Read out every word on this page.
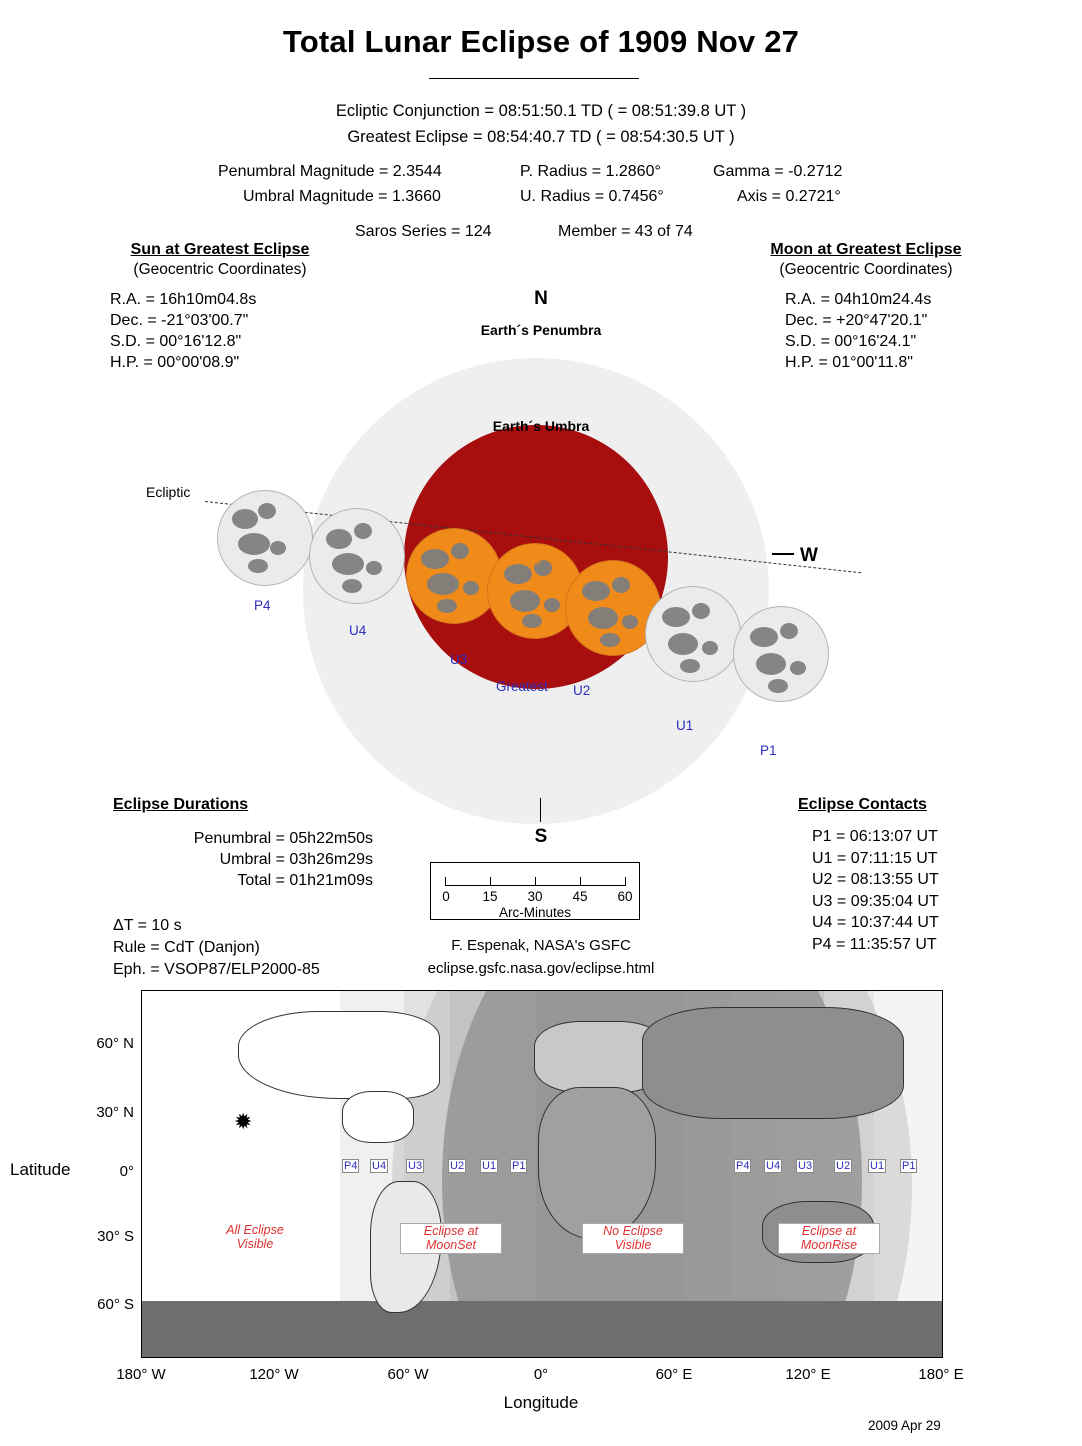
Total Lunar Eclipse of 1909 Nov 27
Ecliptic Conjunction = 08:51:50.1 TD ( = 08:51:39.8 UT )
Greatest Eclipse = 08:54:40.7 TD ( = 08:54:30.5 UT )
Penumbral Magnitude = 2.3544	P. Radius = 1.2860°	Gamma = -0.2712
Umbral Magnitude = 1.3660	U. Radius = 0.7456°	Axis = 0.2721°
Saros Series = 124	Member = 43 of 74
Sun at Greatest Eclipse
(Geocentric Coordinates)
R.A. = 16h10m04.8s
Dec. = -21°03'00.7"
S.D. = 00°16'12.8"
H.P. = 00°00'08.9"
Moon at Greatest Eclipse
(Geocentric Coordinates)
R.A. = 04h10m24.4s
Dec. = +20°47'20.1"
S.D. = 00°16'24.1"
H.P. = 01°00'11.8"
N
Earth´s Penumbra
Earth´s Umbra
Ecliptic
W
P4
U4
U3
Greatest
+
U2
U1
P1
S
Eclipse Durations
Penumbral = 05h22m50s
Umbral = 03h26m29s
Total = 01h21m09s
ΔT = 10 s
Rule = CdT (Danjon)
Eph. = VSOP87/ELP2000-85
Eclipse Contacts
P1 = 06:13:07 UT
U1 = 07:11:15 UT
U2 = 08:13:55 UT
U3 = 09:35:04 UT
U4 = 10:37:44 UT
P4 = 11:35:57 UT
0 15 30 45 60
Arc-Minutes
F. Espenak, NASA's GSFC
eclipse.gsfc.nasa.gov/eclipse.html
✹
P4 U4 U3	U2 U1 P1	P4 U4 U3 U2 U1 P1
All Eclipse
Visible
Eclipse at
MoonSet
No Eclipse
Visible
Eclipse at
MoonRise
60° N
30° N
0°
30° S
60° S
Latitude
180° W	120° W	60° W	0°	60° E	120° E	180° E
Longitude
2009 Apr 29
